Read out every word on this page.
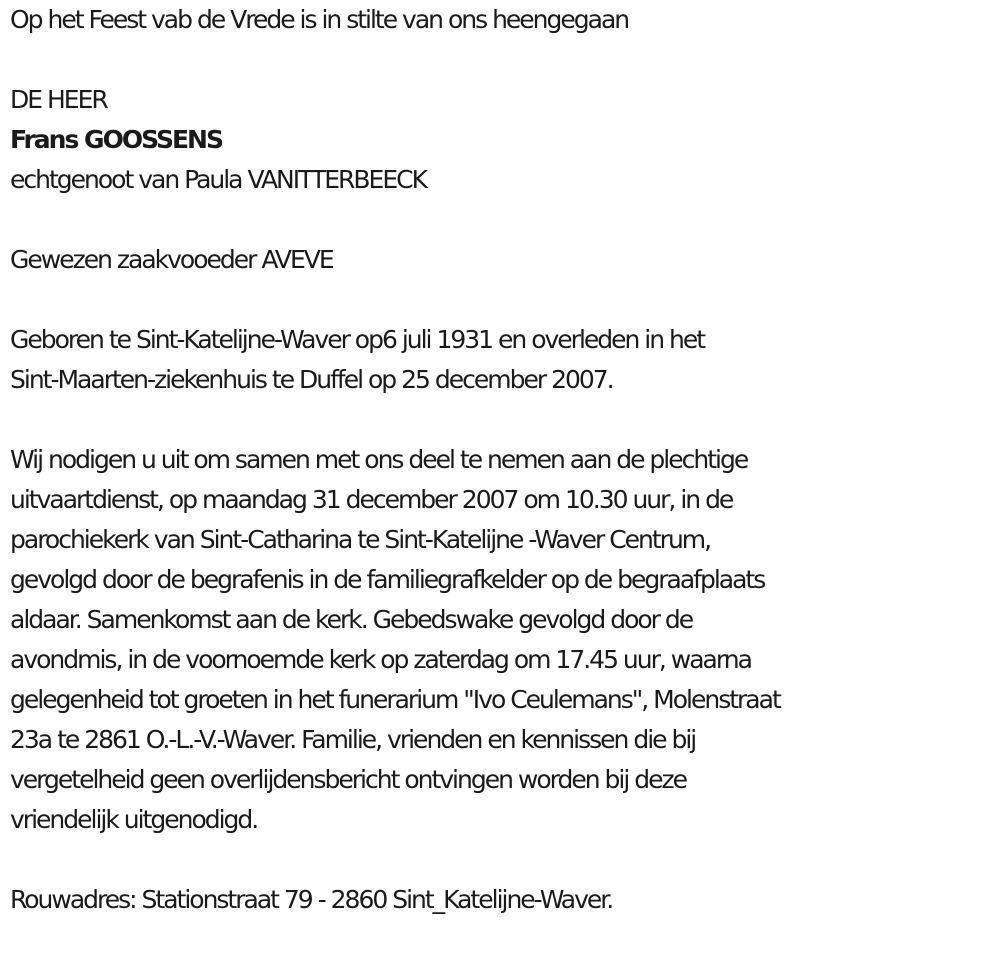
Op het Feest vab de Vrede is in stilte van ons heengegaan
DE HEER
Frans GOOSSENS
echtgenoot van Paula VANITTERBEECK
Gewezen zaakvooeder AVEVE
Geboren te Sint-Katelijne-Waver op6 juli 1931 en overleden in het
Sint-Maarten-ziekenhuis te Duffel op 25 december 2007.
Wij nodigen u uit om samen met ons deel te nemen aan de plechtige
uitvaartdienst, op maandag 31 december 2007 om 10.30 uur, in de
parochiekerk van Sint-Catharina te Sint-Katelijne -Waver Centrum,
gevolgd door de begrafenis in de familiegrafkelder op de begraafplaats
aldaar. Samenkomst aan de kerk. Gebedswake gevolgd door de
avondmis, in de voornoemde kerk op zaterdag om 17.45 uur, waarna
gelegenheid tot groeten in het funerarium "Ivo Ceulemans", Molenstraat
23a te 2861 O.-L.-V.-Waver. Familie, vrienden en kennissen die bij
vergetelheid geen overlijdensbericht ontvingen worden bij deze
vriendelijk uitgenodigd.
Rouwadres: Stationstraat 79 - 2860 Sint_Katelijne-Waver.
